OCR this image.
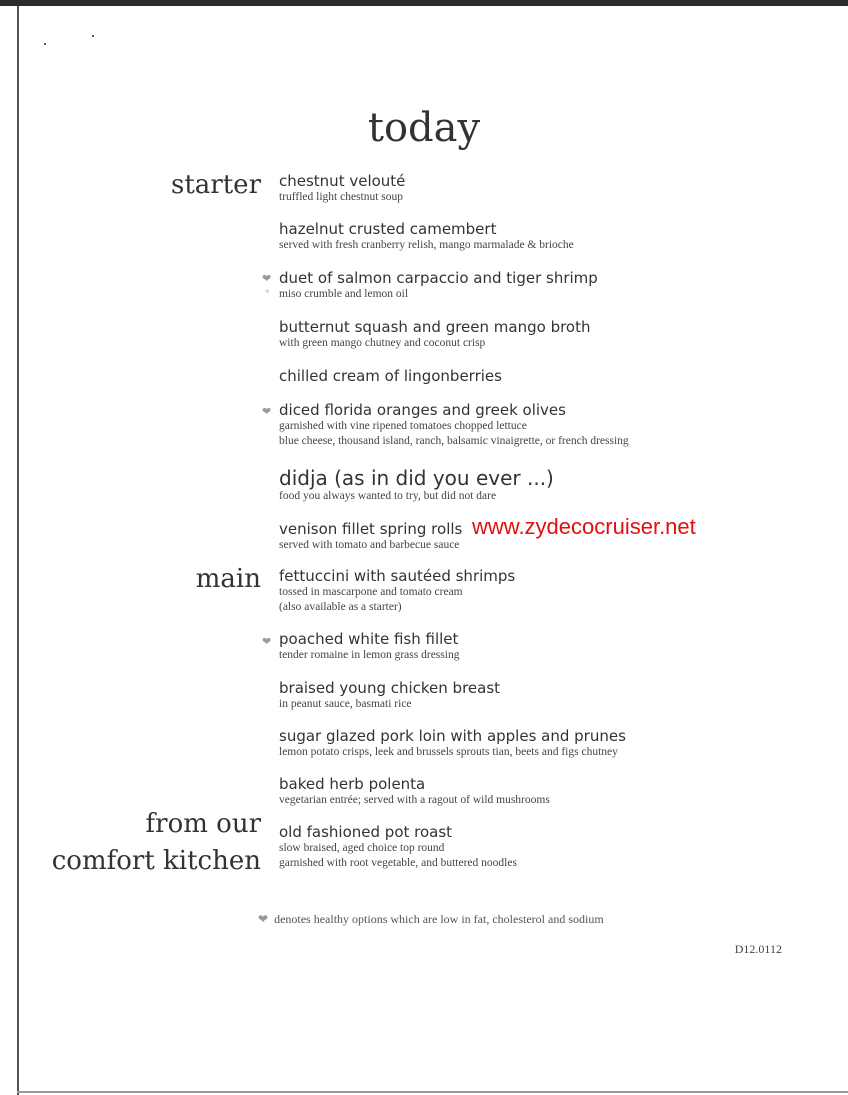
today
starter
main
from our
comfort kitchen
chestnut velouté
truffled light chestnut soup
hazelnut crusted camembert
served with fresh cranberry relish, mango marmalade & brioche
❤
*
duet of salmon carpaccio and tiger shrimp
miso crumble and lemon oil
butternut squash and green mango broth
with green mango chutney and coconut crisp
chilled cream of lingonberries
❤ diced florida oranges and greek olives
garnished with vine ripened tomatoes chopped lettuce
blue cheese, thousand island, ranch, balsamic vinaigrette, or french dressing
didja (as in did you ever ...)
food you always wanted to try, but did not dare
venison fillet spring rolls
served with tomato and barbecue sauce
fettuccini with sautéed shrimps
tossed in mascarpone and tomato cream
(also available as a starter)
❤ poached white fish fillet
tender romaine in lemon grass dressing
braised young chicken breast
in peanut sauce, basmati rice
sugar glazed pork loin with apples and prunes
lemon potato crisps, leek and brussels sprouts tian, beets and figs chutney
baked herb polenta
vegetarian entrée; served with a ragout of wild mushrooms
old fashioned pot roast
slow braised, aged choice top round
garnished with root vegetable, and buttered noodles
www.zydecocruiser.net
❤ denotes healthy options which are low in fat, cholesterol and sodium
D12.0112
